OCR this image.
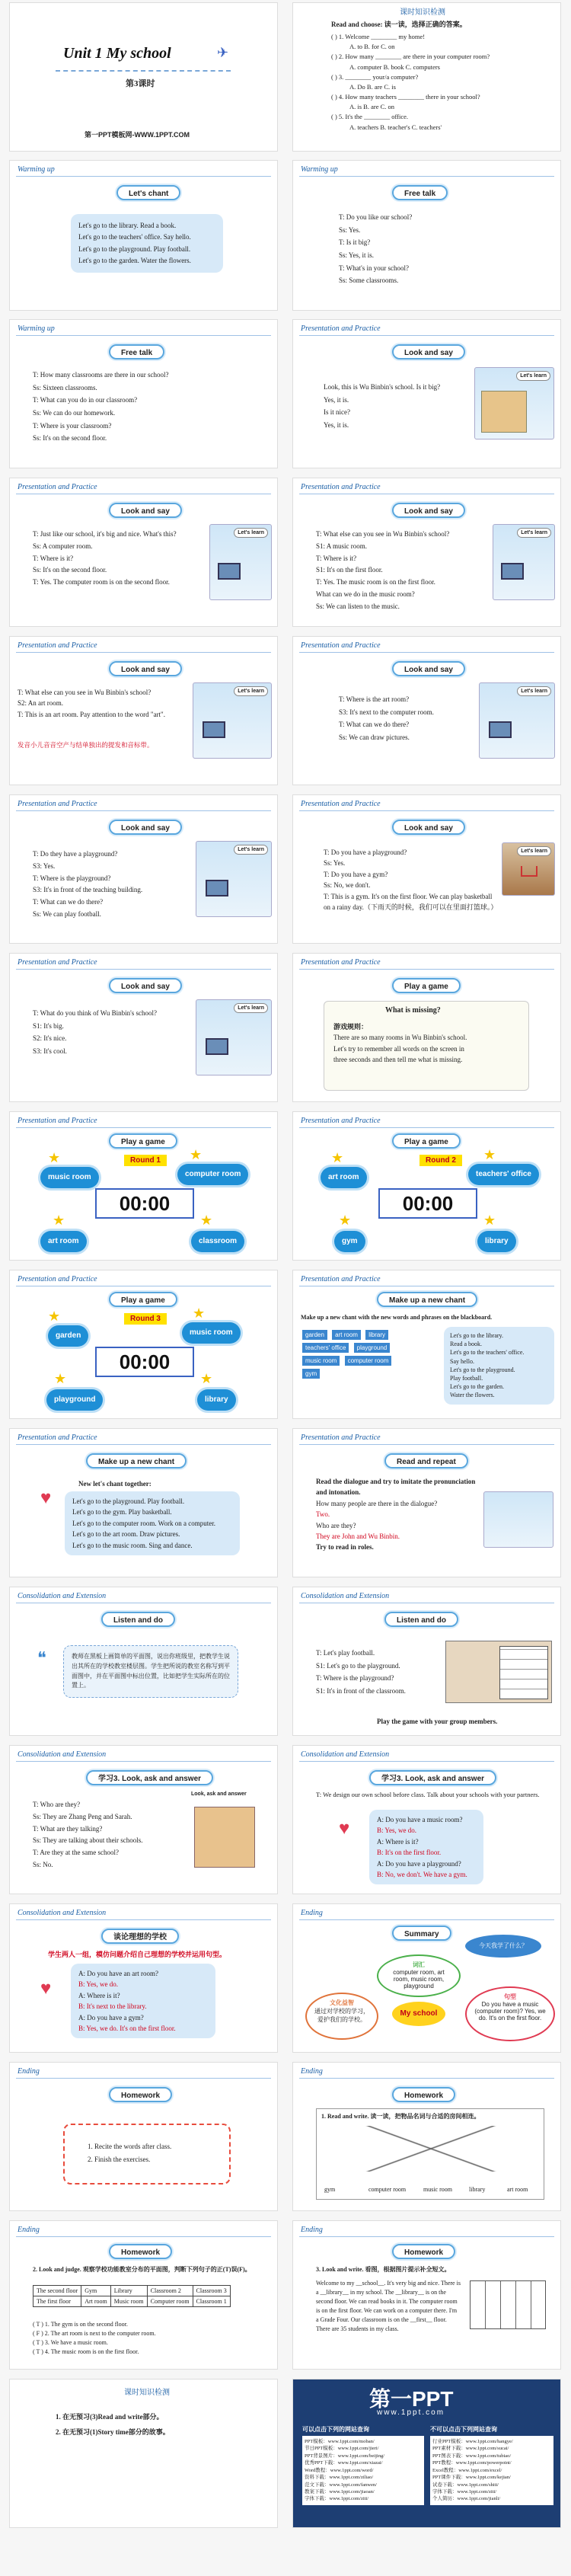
Unit 1 My school	✈
第3课时
第一PPT模板网-WWW.1PPT.COM
课时知识检测
Read and choose: 读一读，选择正确的答案。
( ) 1. Welcome ________ my home!
A. to B. for C. on
( ) 2. How many ________ are there in your computer room?
A. computer B. book C. computers
( ) 3. ________ your/a computer?
A. Do B. are C. is
( ) 4. How many teachers ________ there in your school?
A. is B. are C. on
( ) 5. It's the ________ office.
A. teachers B. teacher's C. teachers'
Warming up
Let's chant
Let's go to the library. Read a book.
Let's go to the teachers' office. Say hello.
Let's go to the playground. Play football.
Let's go to the garden. Water the flowers.
Warming up
Free talk
T: Do you like our school?
Ss: Yes.
T: Is it big?
Ss: Yes, it is.
T: What's in your school?
Ss: Some classrooms.
Warming up
Free talk
T: How many classrooms are there in our school?
Ss: Sixteen classrooms.
T: What can you do in our classroom?
Ss: We can do our homework.
T: Where is your classroom?
Ss: It's on the second floor.
Presentation and Practice
Look and say
Look, this is Wu Binbin's school. Is it big?
Yes, it is.
Is it nice?
Yes, it is.
Let's learn
Presentation and Practice
Look and say
T: Just like our school, it's big and nice. What's this?
Ss: A computer room.
T: Where is it?
Ss: It's on the second floor.
T: Yes. The computer room is on the second floor.
Let's learn
Presentation and Practice
Look and say
T: What else can you see in Wu Binbin's school?
S1: A music room.
T: Where is it?
S1: It's on the first floor.
T: Yes. The music room is on the first floor.
What can we do in the music room?
Ss: We can listen to the music.
Let's learn
Presentation and Practice
Look and say
T: What else can you see in Wu Binbin's school?
S2: An art room.
T: This is an art room. Pay attention to the word "art".
发音小儿音音空产与结单独出的提发和音标带。
Let's learn
Presentation and Practice
Look and say
T: Where is the art room?
S3: It's next to the computer room.
T: What can we do there?
Ss: We can draw pictures.
Let's learn
Presentation and Practice
Look and say
T: Do they have a playground?
S3: Yes.
T: Where is the playground?
S3: It's in front of the teaching building.
T: What can we do there?
Ss: We can play football.
Let's learn
Presentation and Practice
Look and say
T: Do you have a playground?
Ss: Yes.
T: Do you have a gym?
Ss: No, we don't.
T: This is a gym. It's on the first floor. We can play basketball on a rainy day.（下雨天的时候，我们可以在里面打篮球。）
Let's learn
Presentation and Practice
Look and say
T: What do you think of Wu Binbin's school?
S1: It's big.
S2: It's nice.
S3: It's cool.
Let's learn
Presentation and Practice
Play a game
What is missing?
游戏规则：
There are so many rooms in Wu Binbin's school.
Let's try to remember all words on the screen in
three seconds and then tell me what is missing.
Presentation and Practice
Play a game
Round 1
★
music room
★
computer room
00:00
★
art room
★
classroom
Presentation and Practice
Play a game
Round 2
★
art room
★
teachers' office
00:00
★
gym
★
library
Presentation and Practice
Play a game
Round 3
★
garden
★
music room
00:00
★
playground
★
library
Presentation and Practice
Make up a new chant
Make up a new chant with the new words and phrases on the blackboard.
garden art room library teachers' office playground music room computer room gym
Let's go to the library.
Read a book.
Let's go to the teachers' office.
Say hello.
Let's go to the playground.
Play football.
Let's go to the garden.
Water the flowers.
Presentation and Practice
Make up a new chant
New let's chant together:
♥	Let's go to the playground. Play football.
Let's go to the gym. Play basketball.
Let's go to the computer room. Work on a computer.
Let's go to the art room. Draw pictures.
Let's go to the music room. Sing and dance.
Presentation and Practice
Read and repeat
Read the dialogue and try to imitate the pronunciation and intonation.
How many people are there in the dialogue?
Two.
Who are they?
They are John and Wu Binbin.
Try to read in roles.
Consolidation and Extension
Listen and do
❝	教师在黑板上画简单的平面图，说出你班级里，把教学生说出其所在的学校教室楼层图。学生把所说的教室名称写到平面图中，并在平面图中标出位置，比如把学生实际所在的位置上。
Consolidation and Extension
Listen and do
T: Let's play football.
S1: Let's go to the playground.
T: Where is the playground?
S1: It's in front of the classroom.
Play the game with your group members.
Consolidation and Extension
学习3. Look, ask and answer
T: Who are they?
Ss: They are Zhang Peng and Sarah.
T: What are they talking?
Ss: They are talking about their schools.
T: Are they at the same school?
Ss: No.
Look, ask and answer
Consolidation and Extension
学习3. Look, ask and answer
T: We design our own school before class. Talk about your schools with your partners.
♥	A: Do you have a music room?
B: Yes, we do.
A: Where is it?
B: It's on the first floor.
A: Do you have a playground?
B: No, we don't. We have a gym.
Consolidation and Extension
谈论理想的学校
学生两人一组，模仿问题介绍自己理想的学校并运用句型。
♥
A: Do you have an art room?
B: Yes, we do.
A: Where is it?
B: It's next to the library.
A: Do you have a gym?
B: Yes, we do. It's on the first floor.
Ending
Summary
今天我学了什么？
词汇
computer room, art room, music room, playground
My school
文化益智
通过对学校的学习，爱护我们的学校。
句型
Do you have a music (computer room)? Yes, we do. It's on the first floor.
Ending
Homework
1. Recite the words after class.
2. Finish the exercises.
Ending
Homework
1. Read and write. 读一读，把物品名词与合适的房间相连。
gym	computer room	music room	library	art room
Ending
Homework
2. Look and judge. 观察学校功能教室分布的平面图，判断下列句子的正(T)误(F)。
The second floor	Gym	Library	Classroom 2	Classroom 3
The first floor	Art room	Music room	Computer room	Classroom 1
( T ) 1. The gym is on the second floor.
( F ) 2. The art room is next to the computer room.
( T ) 3. We have a music room.
( T ) 4. The music room is on the first floor.
Ending
Homework
3. Look and write. 看图，根据图片提示补全短文。
Welcome to my __school__. It's very big and nice. There is a __library__ in my school. The __library__ is on the second floor. We can read books in it. The computer room is on the first floor. We can work on a computer there. I'm a Grade Four. Our classroom is on the __first__ floor. There are 35 students in my class.
课时知识检测
1. 在无预习(3)Read and write部分。
2. 在无预习(1)Story time部分的故事。
第一PPT
www.1ppt.com
可以点击下列的网站查询	不可以点击下列网站查询
PPT模板：www.1ppt.com/moban/
节日PPT模板：www.1ppt.com/jieri/
PPT背景图片：www.1ppt.com/beijing/
优秀PPT下载：www.1ppt.com/xiazai/
Word教程：www.1ppt.com/word/
资料下载：www.1ppt.com/ziliao/
范文下载：www.1ppt.com/fanwen/
教案下载：www.1ppt.com/jiaoan/
字体下载：www.1ppt.com/ziti/
行业PPT模板：www.1ppt.com/hangye/
PPT素材下载：www.1ppt.com/sucai/
PPT图表下载：www.1ppt.com/tubiao/
PPT教程：www.1ppt.com/powerpoint/
Excel教程：www.1ppt.com/excel/
PPT课件下载：www.1ppt.com/kejian/
试卷下载：www.1ppt.com/shiti/
字体下载：www.1ppt.com/ziti/
个人简历：www.1ppt.com/jianli/
